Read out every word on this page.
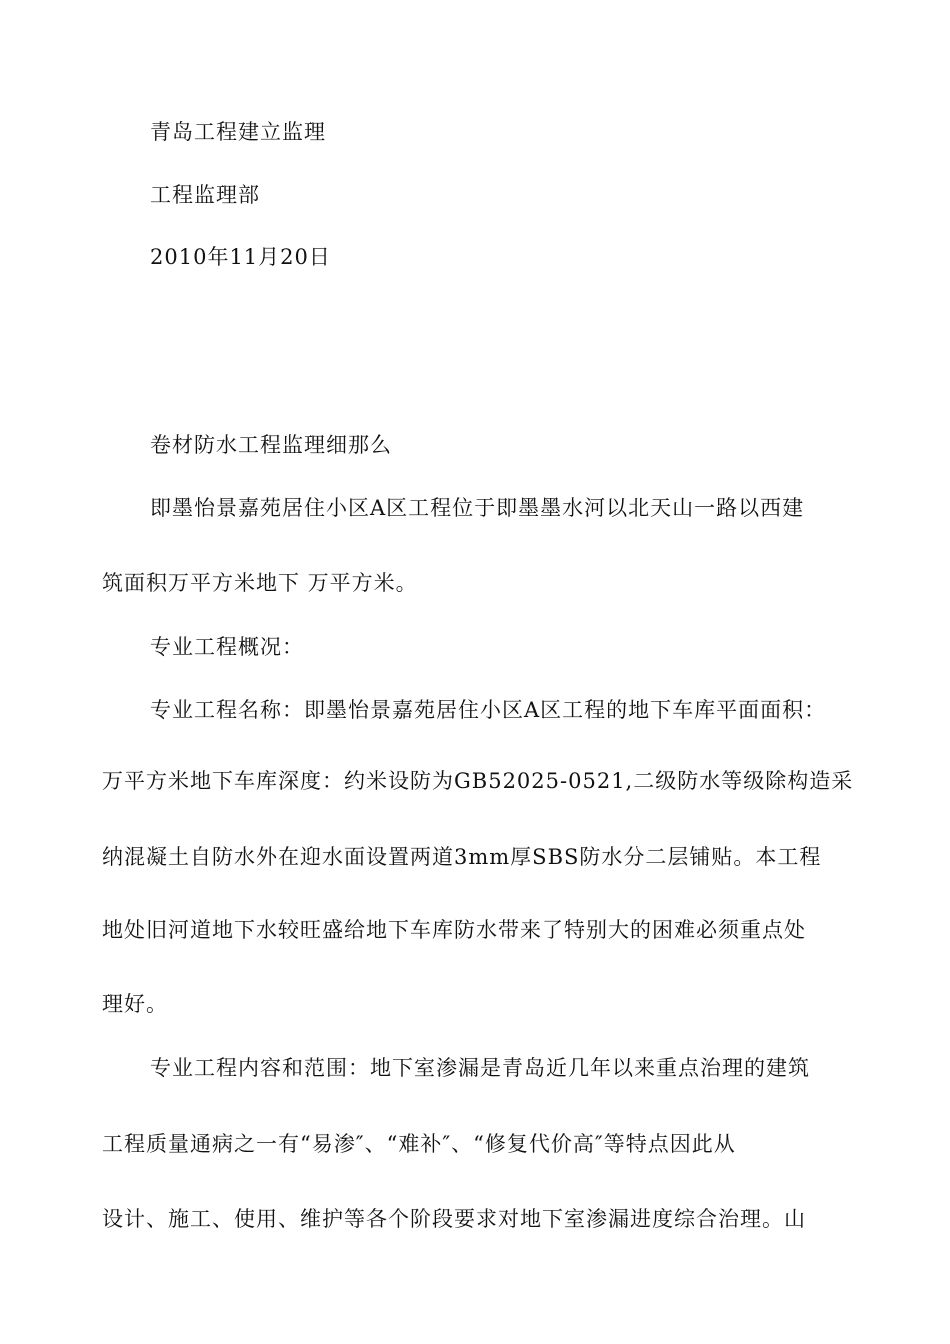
青岛工程建立监理
工程监理部
2010年11月20日
卷材防水工程监理细那么
即墨怡景嘉苑居住小区A区工程位于即墨墨水河以北天山一路以西建
筑面积万平方米地下 万平方米。
专业工程概况：
专业工程名称：即墨怡景嘉苑居住小区A区工程的地下车库平面面积：
万平方米地下车库深度：约米设防为GB52025-0521,二级防水等级除构造采
纳混凝土自防水外在迎水面设置两道3mm厚SBS防水分二层铺贴。本工程
地处旧河道地下水较旺盛给地下车库防水带来了特别大的困难必须重点处
理好。
专业工程内容和范围：地下室渗漏是青岛近几年以来重点治理的建筑
工程质量通病之一有“易渗″、“难补″、“修复代价高″等特点因此从
设计、施工、使用、维护等各个阶段要求对地下室渗漏进度综合治理。山
